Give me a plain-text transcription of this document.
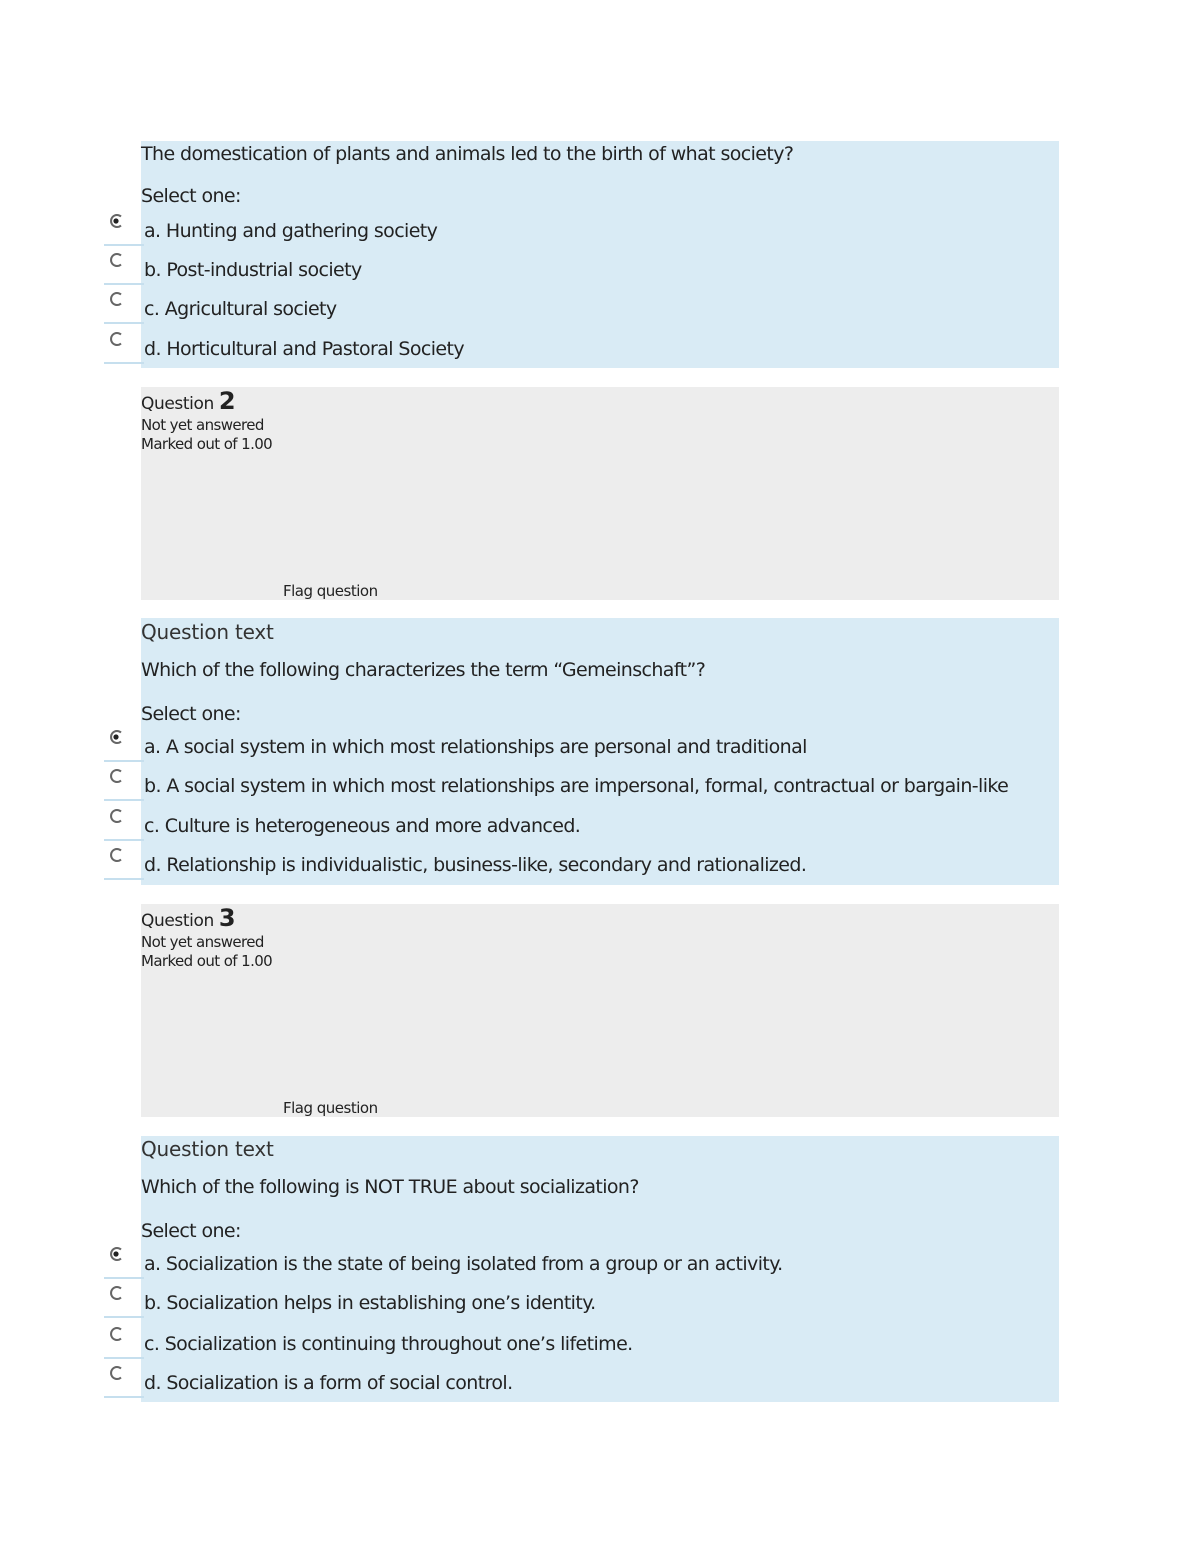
The domestication of plants and animals led to the birth of what society?
Select one:
a. Hunting and gathering society
b. Post-industrial society
c. Agricultural society
d. Horticultural and Pastoral Society
Question 2
Not yet answered
Marked out of 1.00
Flag question
Question text
Which of the following characterizes the term “Gemeinschaft”?
Select one:
a. A social system in which most relationships are personal and traditional
b. A social system in which most relationships are impersonal, formal, contractual or bargain-like
c. Culture is heterogeneous and more advanced.
d. Relationship is individualistic, business-like, secondary and rationalized.
Question 3
Not yet answered
Marked out of 1.00
Flag question
Question text
Which of the following is NOT TRUE about socialization?
Select one:
a. Socialization is the state of being isolated from a group or an activity.
b. Socialization helps in establishing one’s identity.
c. Socialization is continuing throughout one’s lifetime.
d. Socialization is a form of social control.
